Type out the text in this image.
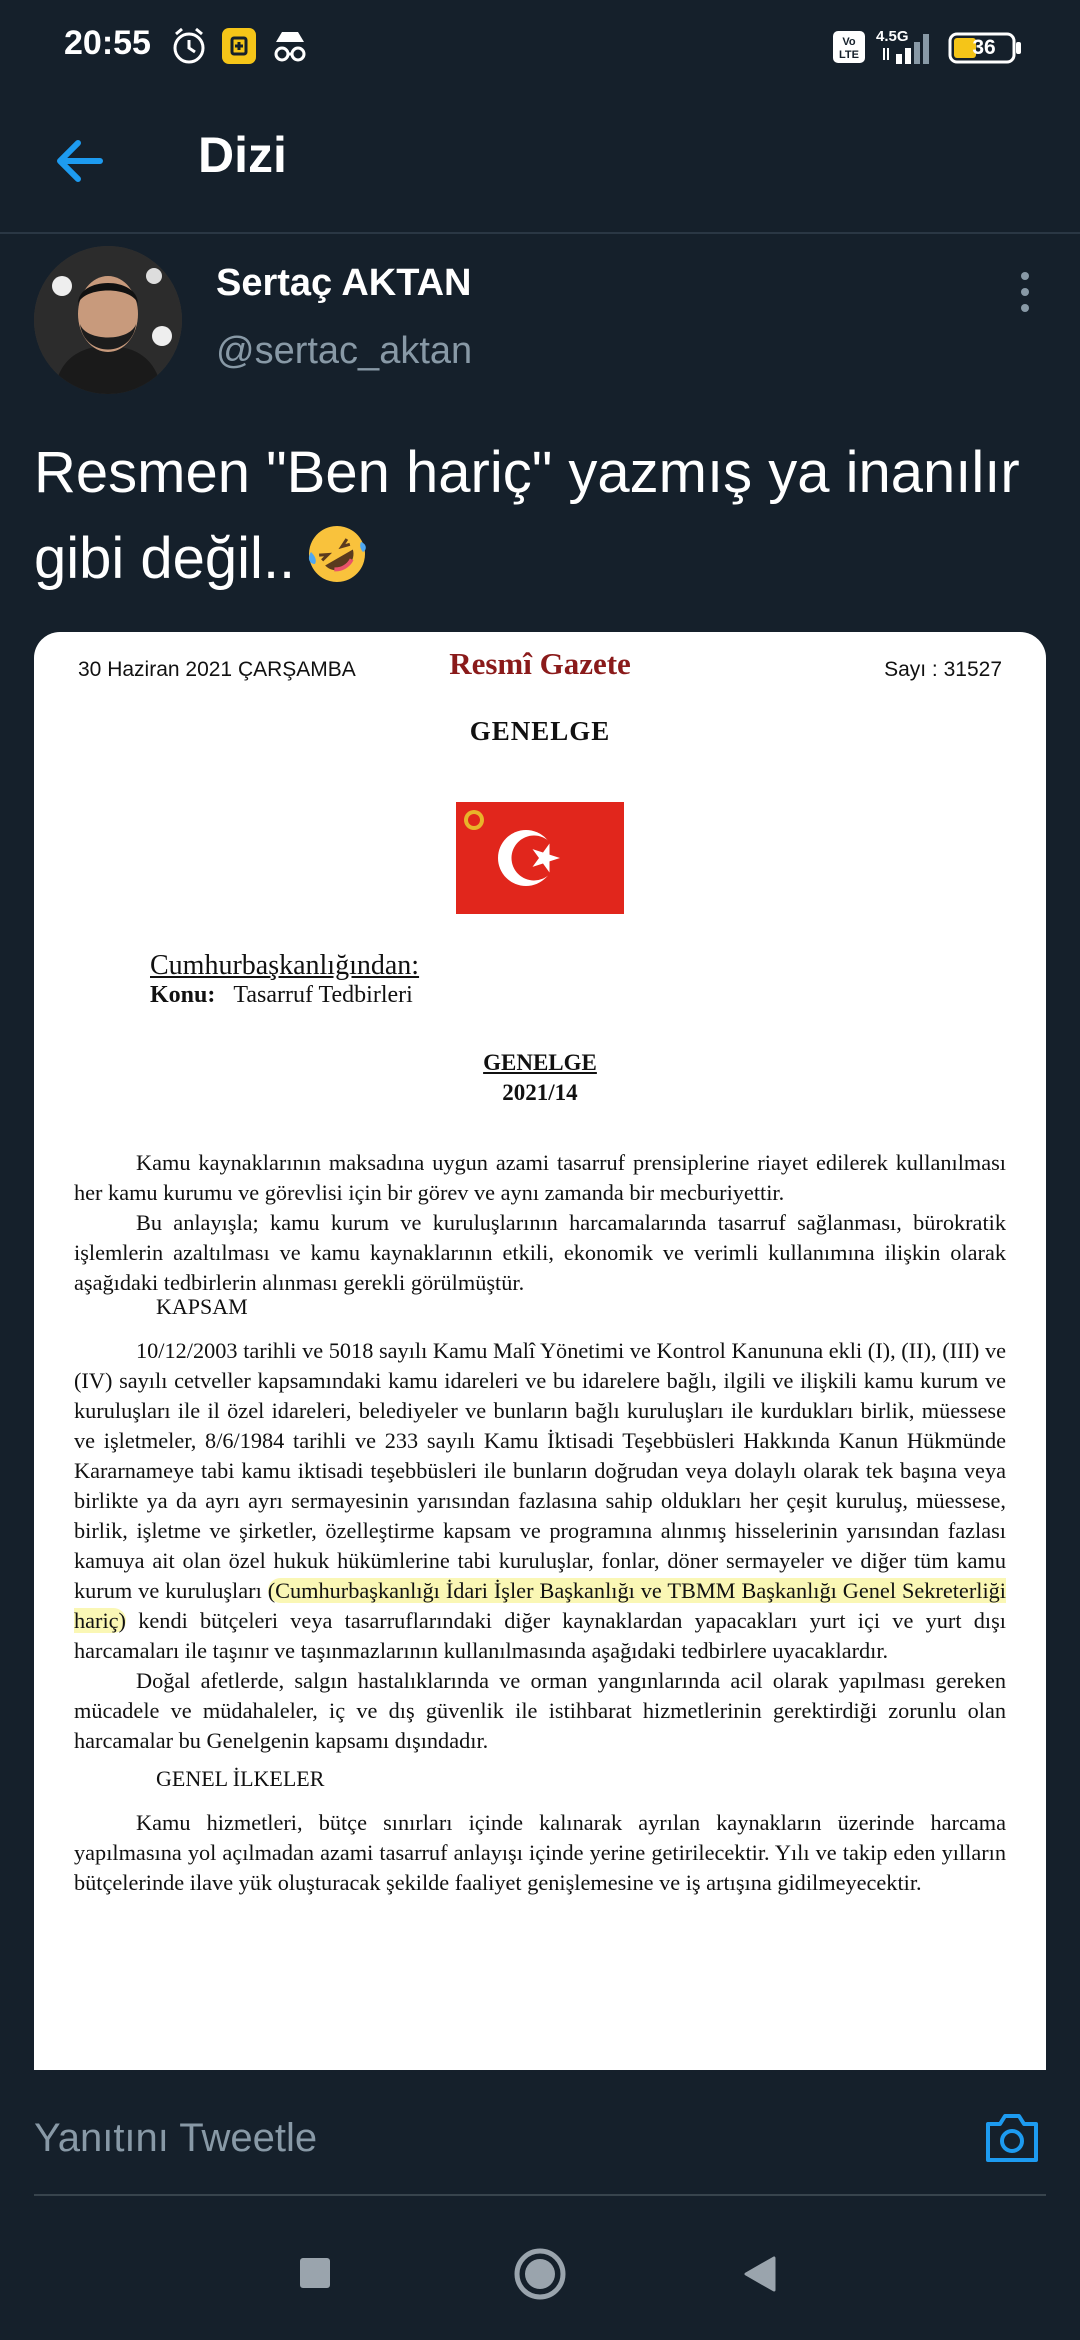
20:55	Vo
LTE
4.5G	36
Dizi
Sertaç AKTAN
@sertac_aktan
Resmen "Ben hariç" yazmış ya inanılır
gibi değil..
30 Haziran 2021 ÇARŞAMBA	Resmî Gazete	Sayı : 31527
GENELGE
Cumhurbaşkanlığından:
Konu: Tasarruf Tedbirleri
GENELGE
2021/14

Kamu kaynaklarının maksadına uygun azami tasarruf prensiplerine riayet edilerek kullanılması her kamu kurumu ve görevlisi için bir görev ve aynı zamanda bir mecburiyettir.

Bu anlayışla; kamu kurum ve kuruluşlarının harcamalarında tasarruf sağlanması, bürokratik işlemlerin azaltılması ve kamu kaynaklarının etkili, ekonomik ve verimli kullanımına ilişkin olarak aşağıdaki tedbirlerin alınması gerekli görülmüştür.

KAPSAM

10/12/2003 tarihli ve 5018 sayılı Kamu Malî Yönetimi ve Kontrol Kanununa ekli (I), (II), (III) ve (IV) sayılı cetveller kapsamındaki kamu idareleri ve bu idarelere bağlı, ilgili ve ilişkili kamu kurum ve kuruluşları ile il özel idareleri, belediyeler ve bunların bağlı kuruluşları ile kurdukları birlik, müessese ve işletmeler, 8/6/1984 tarihli ve 233 sayılı Kamu İktisadi Teşebbüsleri Hakkında Kanun Hükmünde Kararnameye tabi kamu iktisadi teşebbüsleri ile bunların doğrudan veya dolaylı olarak tek başına veya birlikte ya da ayrı ayrı sermayesinin yarısından fazlasına sahip oldukları her çeşit kuruluş, müessese, birlik, işletme ve şirketler, özelleştirme kapsam ve programına alınmış hisselerinin yarısından fazlası kamuya ait olan özel hukuk hükümlerine tabi kuruluşlar, fonlar, döner sermayeler ve diğer tüm kamu kurum ve kuruluşları (Cumhurbaşkanlığı İdari İşler Başkanlığı ve TBMM Başkanlığı Genel Sekreterliği hariç) kendi bütçeleri veya tasarruflarındaki diğer kaynaklardan yapacakları yurt içi ve yurt dışı harcamaları ile taşınır ve taşınmazlarının kullanılmasında aşağıdaki tedbirlere uyacaklardır.

Doğal afetlerde, salgın hastalıklarında ve orman yangınlarında acil olarak yapılması gereken mücadele ve müdahaleler, iç ve dış güvenlik ile istihbarat hizmetlerinin gerektirdiği zorunlu olan harcamalar bu Genelgenin kapsamı dışındadır.

GENEL İLKELER

Kamu hizmetleri, bütçe sınırları içinde kalınarak ayrılan kaynakların üzerinde harcama yapılmasına yol açılmadan azami tasarruf anlayışı içinde yerine getirilecektir. Yılı ve takip eden yılların bütçelerinde ilave yük oluşturacak şekilde faaliyet genişlemesine ve iş artışına gidilmeyecektir.

Yanıtını Tweetle
